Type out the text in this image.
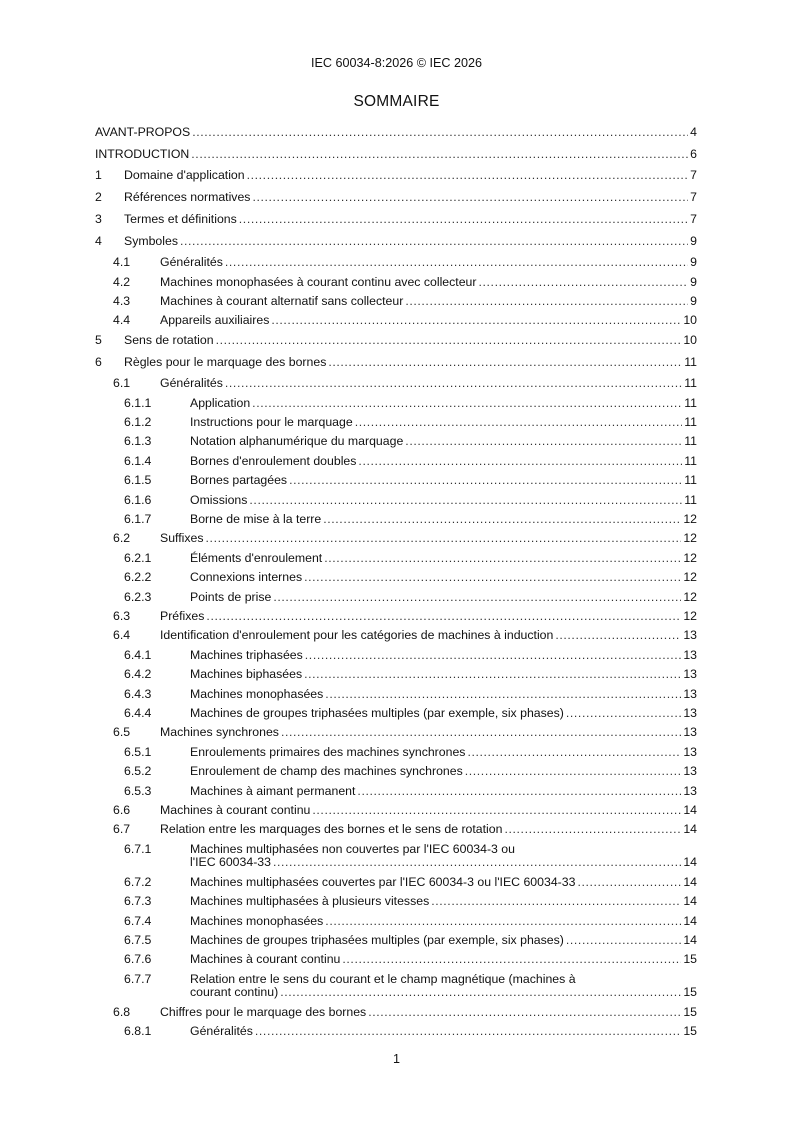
IEC 60034-8:2026 © IEC 2026
SOMMAIRE
AVANT-PROPOS .....	4
INTRODUCTION .....	6
1 Domaine d'application .....	7
2 Références normatives .....	7
3 Termes et définitions .....	7
4 Symboles .....	9
4.1 Généralités .....	9
4.2 Machines monophasées à courant continu avec collecteur .....	9
4.3 Machines à courant alternatif sans collecteur .....	9
4.4 Appareils auxiliaires .....	10
5 Sens de rotation .....	10
6 Règles pour le marquage des bornes .....	11
6.1 Généralités .....	11
6.1.1	Application .....	11
6.1.2	Instructions pour le marquage .....	11
6.1.3	Notation alphanumérique du marquage .....	11
6.1.4	Bornes d'enroulement doubles .....	11
6.1.5	Bornes partagées .....	11
6.1.6	Omissions .....	11
6.1.7	Borne de mise à la terre .....	12
6.2 Suffixes .....	12
6.2.1	Éléments d'enroulement .....	12
6.2.2	Connexions internes .....	12
6.2.3	Points de prise .....	12
6.3 Préfixes .....	12
6.4 Identification d'enroulement pour les catégories de machines à induction .....	13
6.4.1	Machines triphasées .....	13
6.4.2	Machines biphasées .....	13
6.4.3	Machines monophasées .....	13
6.4.4	Machines de groupes triphasées multiples (par exemple, six phases) .....	13
6.5 Machines synchrones .....	13
6.5.1	Enroulements primaires des machines synchrones .....	13
6.5.2	Enroulement de champ des machines synchrones .....	13
6.5.3	Machines à aimant permanent .....	13
6.6 Machines à courant continu .....	14
6.7 Relation entre les marquages des bornes et le sens de rotation .....	14
6.7.1	Machines multiphasées non couvertes par l'IEC 60034-3 ou
l'IEC 60034-33 .....	14
6.7.2	Machines multiphasées couvertes par l'IEC 60034-3 ou l'IEC 60034-33 .....	14
6.7.3	Machines multiphasées à plusieurs vitesses .....	14
6.7.4	Machines monophasées .....	14
6.7.5	Machines de groupes triphasées multiples (par exemple, six phases) .....	14
6.7.6	Machines à courant continu .....	15
6.7.7	Relation entre le sens du courant et le champ magnétique (machines à
courant continu) .....	15
6.8 Chiffres pour le marquage des bornes .....	15
6.8.1	Généralités .....	15
1
